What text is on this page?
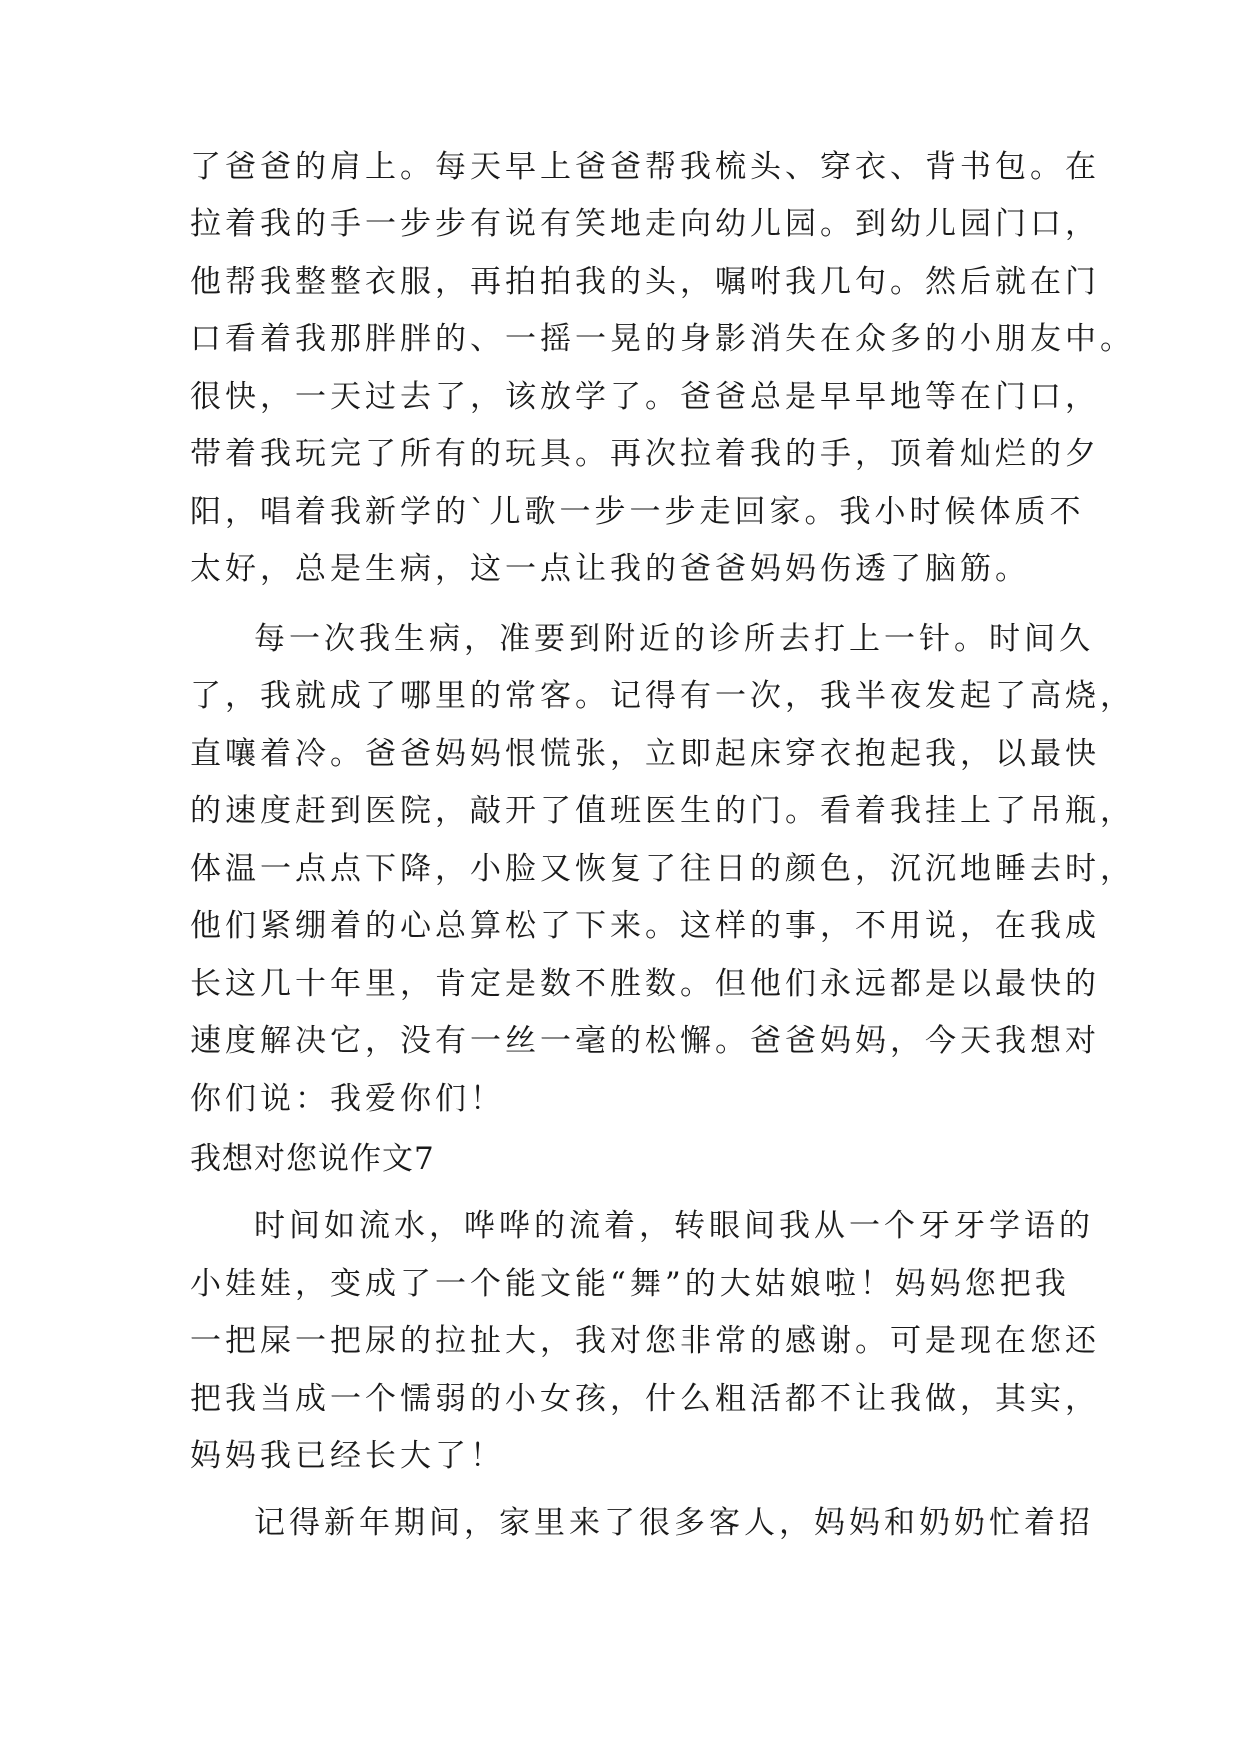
了爸爸的肩上。每天早上爸爸帮我梳头、穿衣、背书包。在
拉着我的手一步步有说有笑地走向幼儿园。到幼儿园门口，
他帮我整整衣服，再拍拍我的头，嘱咐我几句。然后就在门
口看着我那胖胖的、一摇一晃的身影消失在众多的小朋友中。
很快，一天过去了，该放学了。爸爸总是早早地等在门口，
带着我玩完了所有的玩具。再次拉着我的手，顶着灿烂的夕
阳，唱着我新学的`儿歌一步一步走回家。我小时候体质不
太好，总是生病，这一点让我的爸爸妈妈伤透了脑筋。
每一次我生病，准要到附近的诊所去打上一针。时间久
了，我就成了哪里的常客。记得有一次，我半夜发起了高烧，
直嚷着冷。爸爸妈妈恨慌张，立即起床穿衣抱起我，以最快
的速度赶到医院，敲开了值班医生的门。看着我挂上了吊瓶，
体温一点点下降，小脸又恢复了往日的颜色，沉沉地睡去时，
他们紧绷着的心总算松了下来。这样的事，不用说，在我成
长这几十年里，肯定是数不胜数。但他们永远都是以最快的
速度解决它，没有一丝一毫的松懈。爸爸妈妈，今天我想对
你们说：我爱你们！
我想对您说作文7
时间如流水，哗哗的流着，转眼间我从一个牙牙学语的
小娃娃，变成了一个能文能“舞”的大姑娘啦！妈妈您把我
一把屎一把尿的拉扯大，我对您非常的感谢。可是现在您还
把我当成一个懦弱的小女孩，什么粗活都不让我做，其实，
妈妈我已经长大了！
记得新年期间，家里来了很多客人，妈妈和奶奶忙着招
